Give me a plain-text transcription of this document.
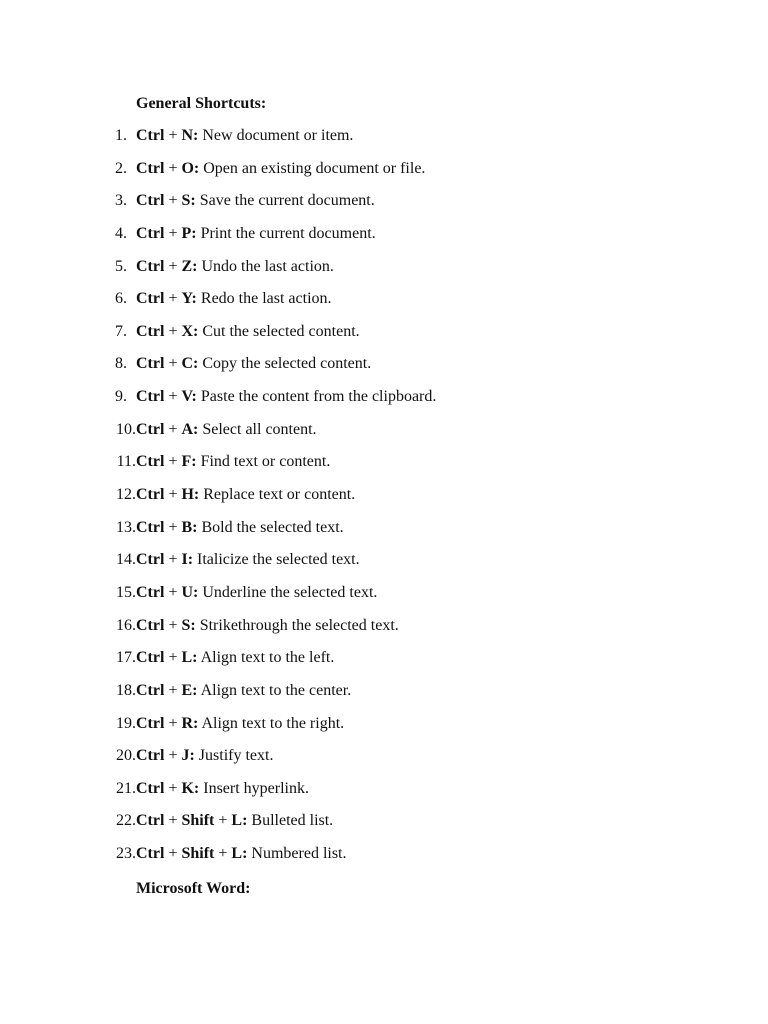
General Shortcuts:
1. Ctrl + N: New document or item.
2. Ctrl + O: Open an existing document or file.
3. Ctrl + S: Save the current document.
4. Ctrl + P: Print the current document.
5. Ctrl + Z: Undo the last action.
6. Ctrl + Y: Redo the last action.
7. Ctrl + X: Cut the selected content.
8. Ctrl + C: Copy the selected content.
9. Ctrl + V: Paste the content from the clipboard.
10. Ctrl + A: Select all content.
11. Ctrl + F: Find text or content.
12. Ctrl + H: Replace text or content.
13. Ctrl + B: Bold the selected text.
14. Ctrl + I: Italicize the selected text.
15. Ctrl + U: Underline the selected text.
16. Ctrl + S: Strikethrough the selected text.
17. Ctrl + L: Align text to the left.
18. Ctrl + E: Align text to the center.
19. Ctrl + R: Align text to the right.
20. Ctrl + J: Justify text.
21. Ctrl + K: Insert hyperlink.
22. Ctrl + Shift + L: Bulleted list.
23. Ctrl + Shift + L: Numbered list.
Microsoft Word:
